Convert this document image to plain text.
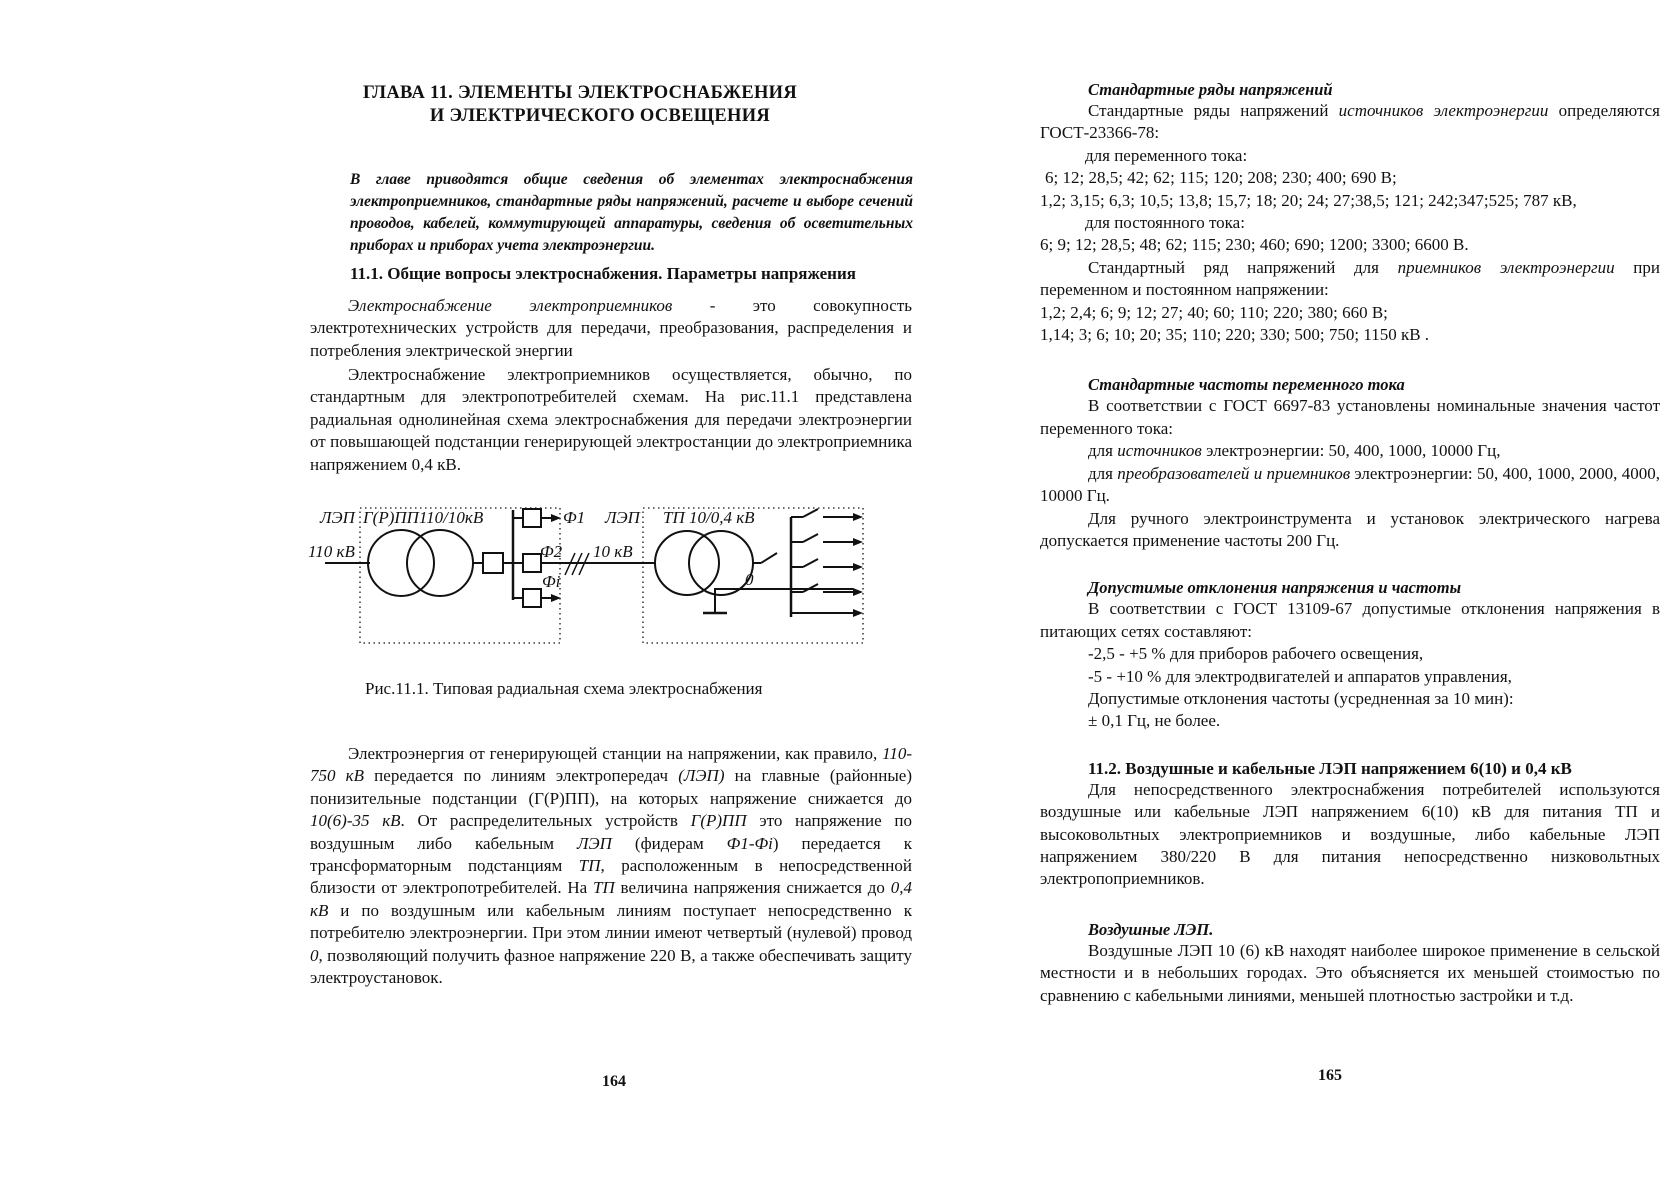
ГЛАВА 11. ЭЛЕМЕНТЫ ЭЛЕКТРОСНАБЖЕНИЯ
И ЭЛЕКТРИЧЕСКОГО ОСВЕЩЕНИЯ

В главе приводятся общие сведения об элементах электроснабжения электроприемников, стандартные ряды напряжений, расчете и выборе сечений проводов, кабелей, коммутирующей аппаратуры, сведения об осветительных приборах и приборах учета электроэнергии.

11.1. Общие вопросы электроснабжения. Параметры напряжения

Электроснабжение электроприемников - это совокупность электротехнических устройств для передачи, преобразования, распределения и потребления электрической энергии

Электроснабжение электроприемников осуществляется, обычно, по стандартным для электропотребителей схемам. На рис.11.1 представлена радиальная однолинейная схема электроснабжения для передачи электроэнергии от повышающей подстанции генерирующей электростанции до электроприемника напряжением 0,4 кВ.

ЛЭП Г(Р)ПП110/10кВ
110 кВ
Ф1 ЛЭП ТП 10/0,4 кВ
Ф2 10 кВ
Фi	0
Рис.11.1. Типовая радиальная схема электроснабжения

Электроэнергия от генерирующей станции на напряжении, как правило, 110-750 кВ передается по линиям электропередач (ЛЭП) на главные (районные) понизительные подстанции (Г(Р)ПП), на которых напряжение снижается до 10(6)-35 кВ. От распределительных устройств Г(Р)ПП это напряжение по воздушным либо кабельным ЛЭП (фидерам Ф1-Фi) передается к трансформаторным подстанциям ТП, расположенным в непосредственной близости от электропотребителей. На ТП величина напряжения снижается до 0,4 кВ и по воздушным или кабельным линиям поступает непосредственно к потребителю электроэнергии. При этом линии имеют четвертый (нулевой) провод 0, позволяющий получить фазное напряжение 220 В, а также обеспечивать защиту электроустановок.

164

Стандартные ряды напряжений

Стандартные ряды напряжений источников электроэнергии определяются ГОСТ-23366-78:

для переменного тока:
6; 12; 28,5; 42; 62; 115; 120; 208; 230; 400; 690 В;
1,2; 3,15; 6,3; 10,5; 13,8; 15,7; 18; 20; 24; 27;38,5; 121; 242;347;525; 787 кВ,
для постоянного тока:
6; 9; 12; 28,5; 48; 62; 115; 230; 460; 690; 1200; 3300; 6600 В.

Стандартный ряд напряжений для приемников электроэнергии при переменном и постоянном напряжении:

1,2; 2,4; 6; 9; 12; 27; 40; 60; 110; 220; 380; 660 В;
1,14; 3; 6; 10; 20; 35; 110; 220; 330; 500; 750; 1150 кВ .

Стандартные частоты переменного тока

В соответствии с ГОСТ 6697-83 установлены номинальные значения частот переменного тока:

для источников электроэнергии: 50, 400, 1000, 10000 Гц,

для преобразователей и приемников электроэнергии: 50, 400, 1000, 2000, 4000, 10000 Гц.

Для ручного электроинструмента и установок электрического нагрева допускается применение частоты 200 Гц.

Допустимые отклонения напряжения и частоты

В соответствии с ГОСТ 13109-67 допустимые отклонения напряжения в питающих сетях составляют:

-2,5 - +5 % для приборов рабочего освещения,
-5 - +10 % для электродвигателей и аппаратов управления,
Допустимые отклонения частоты (усредненная за 10 мин):
± 0,1 Гц, не более.

11.2. Воздушные и кабельные ЛЭП напряжением 6(10) и 0,4 кВ

Для непосредственного электроснабжения потребителей используются воздушные или кабельные ЛЭП напряжением 6(10) кВ для питания ТП и высоковольтных электроприемников и воздушные, либо кабельные ЛЭП напряжением 380/220 В для питания непосредственно низковольтных электропоприемников.

Воздушные ЛЭП.

Воздушные ЛЭП 10 (6) кВ находят наиболее широкое применение в сельской местности и в небольших городах. Это объясняется их меньшей стоимостью по сравнению с кабельными линиями, меньшей плотностью застройки и т.д.

165
